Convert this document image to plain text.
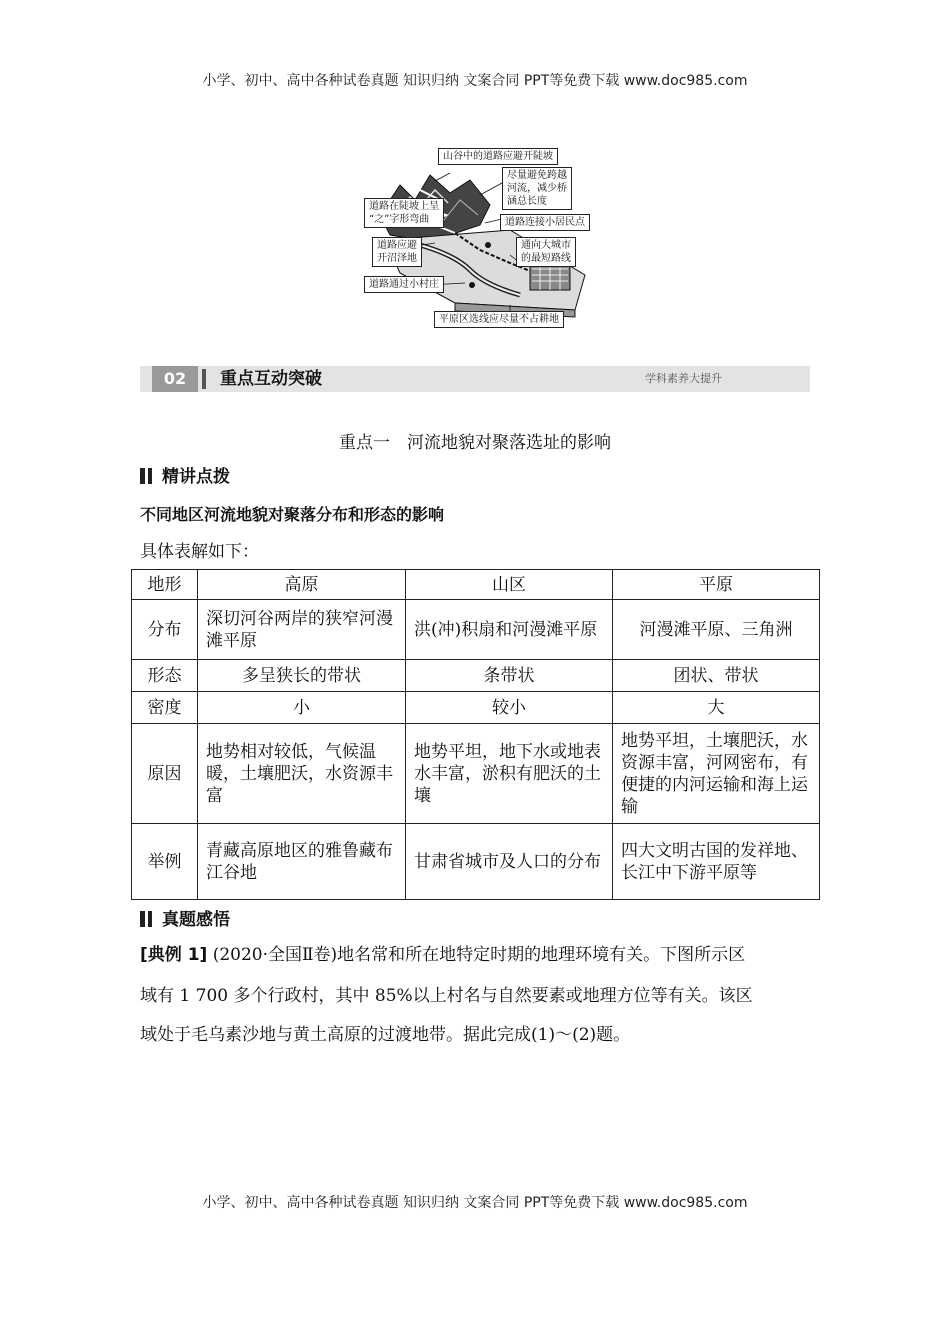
小学、初中、高中各种试卷真题 知识归纳 文案合同 PPT等免费下载 www.doc985.com
山谷中的道路应避开陡坡
尽量避免跨越
河流，减少桥
涵总长度
道路在陡坡上呈
“之”字形弯曲	道路连接小居民点
道路应避
开沼泽地
通向大城市
的最短路线
道路通过小村庄
平原区选线应尽量不占耕地
02	重点互动突破	学科素养大提升
重点一　河流地貌对聚落选址的影响
精讲点拨
不同地区河流地貌对聚落分布和形态的影响
具体表解如下：
地形	高原	山区	平原
分布	深切河谷两岸的狭窄河漫滩平原	洪(冲)积扇和河漫滩平原	河漫滩平原、三角洲
形态	多呈狭长的带状	条带状	团状、带状
密度	小	较小	大
原因	地势相对较低，气候温暖，土壤肥沃，水资源丰富	地势平坦，地下水或地表水丰富，淤积有肥沃的土壤	地势平坦，土壤肥沃，水资源丰富，河网密布，有便捷的内河运输和海上运输
举例	青藏高原地区的雅鲁藏布江谷地	甘肃省城市及人口的分布	四大文明古国的发祥地、长江中下游平原等
真题感悟
[典例 1] (2020·全国Ⅱ卷)地名常和所在地特定时期的地理环境有关。下图所示区
域有 1 700 多个行政村，其中 85%以上村名与自然要素或地理方位等有关。该区
域处于毛乌素沙地与黄土高原的过渡地带。据此完成(1)～(2)题。
小学、初中、高中各种试卷真题 知识归纳 文案合同 PPT等免费下载 www.doc985.com
